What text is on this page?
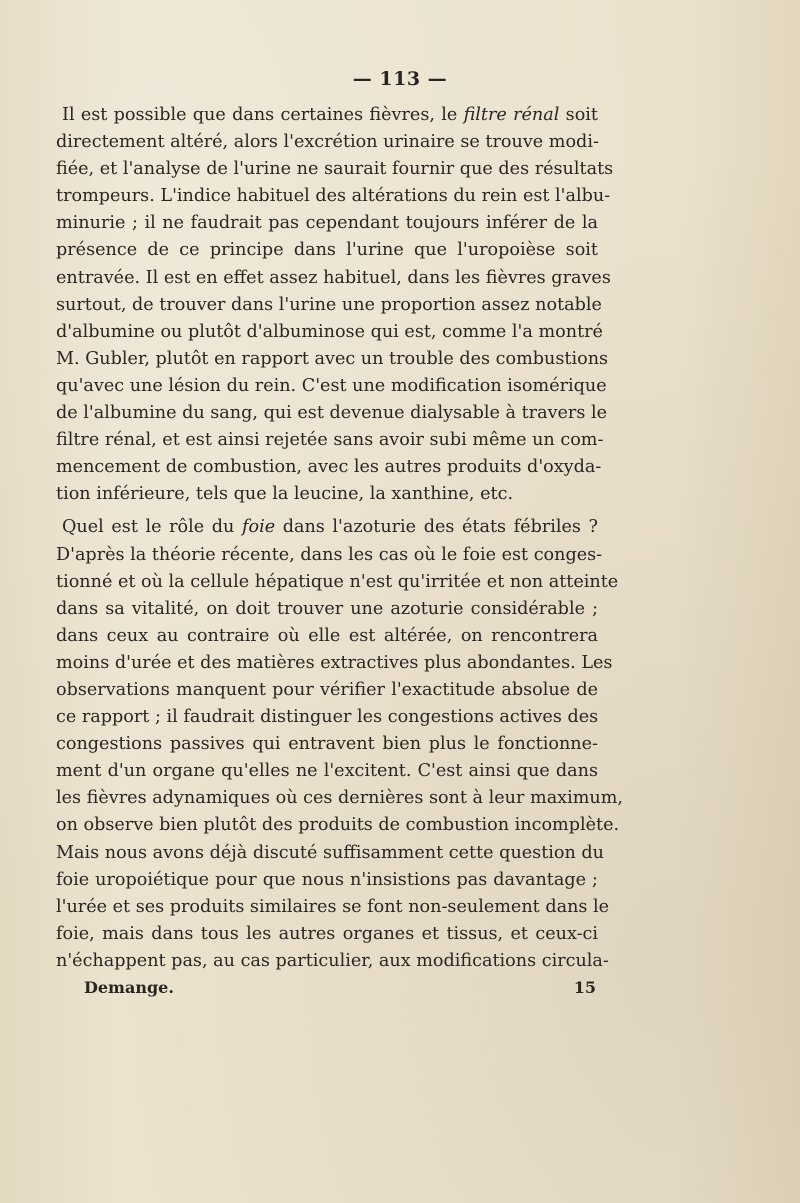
— 113 —
Il est possible que dans certaines fièvres, le filtre rénal soit
directement altéré, alors l'excrétion urinaire se trouve modi-
fiée, et l'analyse de l'urine ne saurait fournir que des résultats
trompeurs. L'indice habituel des altérations du rein est l'albu-
minurie ; il ne faudrait pas cependant toujours inférer de la
présence de ce principe dans l'urine que l'uropoièse soit
entravée. Il est en effet assez habituel, dans les fièvres graves
surtout, de trouver dans l'urine une proportion assez notable
d'albumine ou plutôt d'albuminose qui est, comme l'a montré
M. Gubler, plutôt en rapport avec un trouble des combustions
qu'avec une lésion du rein. C'est une modification isomérique
de l'albumine du sang, qui est devenue dialysable à travers le
filtre rénal, et est ainsi rejetée sans avoir subi même un com-
mencement de combustion, avec les autres produits d'oxyda-
tion inférieure, tels que la leucine, la xanthine, etc.
Quel est le rôle du foie dans l'azoturie des états fébriles ?
D'après la théorie récente, dans les cas où le foie est conges-
tionné et où la cellule hépatique n'est qu'irritée et non atteinte
dans sa vitalité, on doit trouver une azoturie considérable ;
dans ceux au contraire où elle est altérée, on rencontrera
moins d'urée et des matières extractives plus abondantes. Les
observations manquent pour vérifier l'exactitude absolue de
ce rapport ; il faudrait distinguer les congestions actives des
congestions passives qui entravent bien plus le fonctionne-
ment d'un organe qu'elles ne l'excitent. C'est ainsi que dans
les fièvres adynamiques où ces dernières sont à leur maximum,
on observe bien plutôt des produits de combustion incomplète.
Mais nous avons déjà discuté suffisamment cette question du
foie uropoiétique pour que nous n'insistions pas davantage ;
l'urée et ses produits similaires se font non-seulement dans le
foie, mais dans tous les autres organes et tissus, et ceux-ci
n'échappent pas, au cas particulier, aux modifications circula-
Demange.	15
